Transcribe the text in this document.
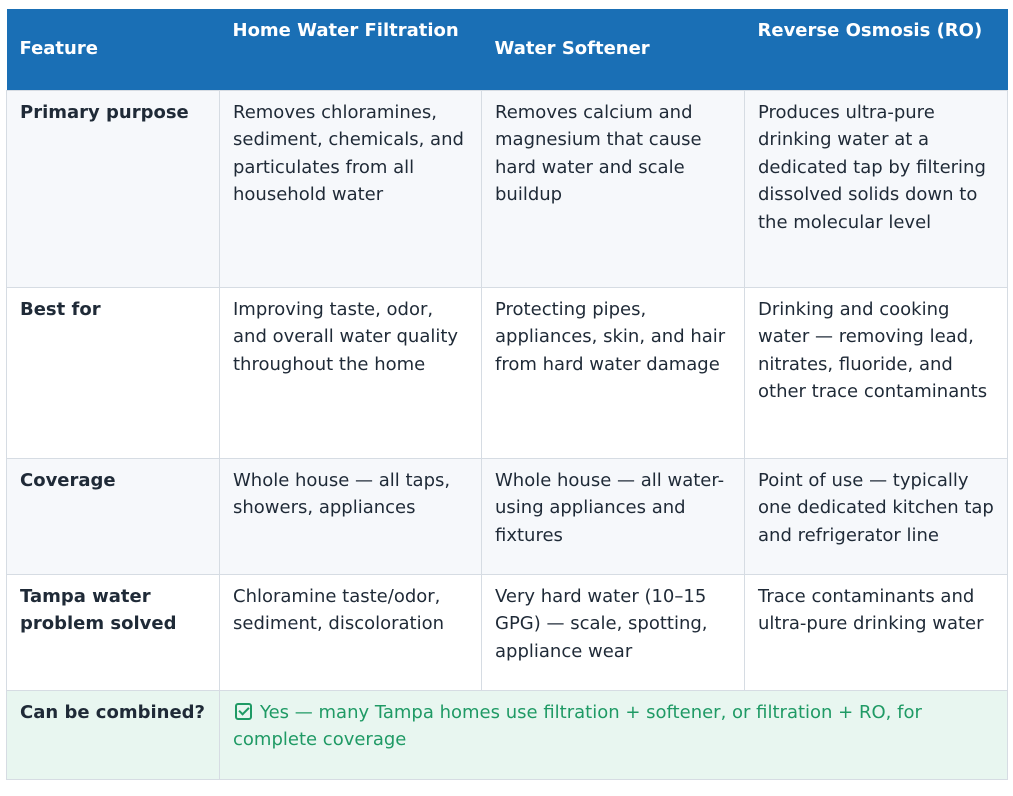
Feature	Home Water Filtration	Water Softener	Reverse Osmosis (RO)
Primary purpose	Removes chloramines, sediment, chemicals, and particulates from all household water	Removes calcium and magnesium that cause hard water and scale buildup	Produces ultra-pure drinking water at a dedicated tap by filtering dissolved solids down to the molecular level
Best for	Improving taste, odor, and overall water quality throughout the home	Protecting pipes, appliances, skin, and hair from hard water damage	Drinking and cooking water — removing lead, nitrates, fluoride, and other trace contaminants
Coverage	Whole house — all taps, showers, appliances	Whole house — all water-using appliances and fixtures	Point of use — typically one dedicated kitchen tap and refrigerator line
Tampa water problem solved	Chloramine taste/odor, sediment, discoloration	Very hard water (10–15 GPG) — scale, spotting, appliance wear	Trace contaminants and ultra-pure drinking water
Can be combined?	Yes — many Tampa homes use filtration + softener, or filtration + RO, for complete coverage		
